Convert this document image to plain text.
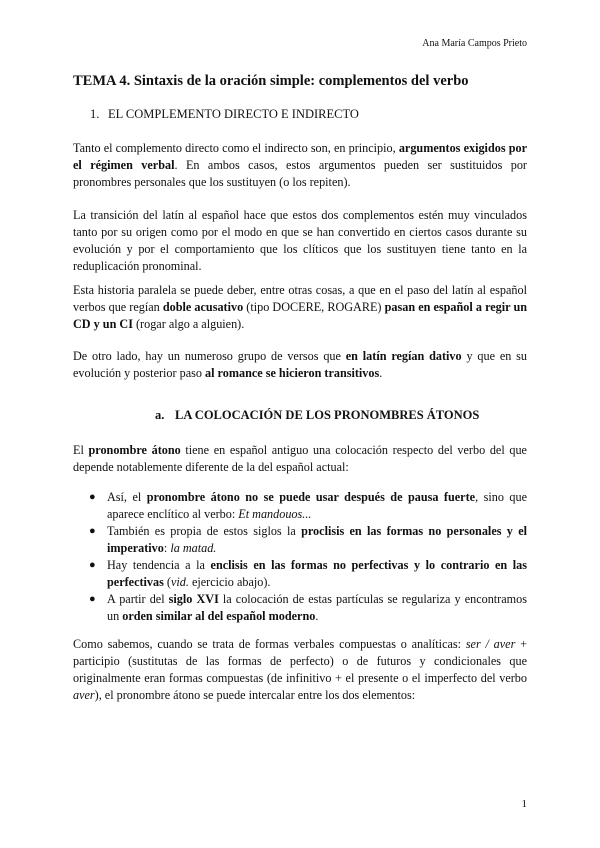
Ana María Campos Prieto
TEMA 4. Sintaxis de la oración simple: complementos del verbo
1. EL COMPLEMENTO DIRECTO E INDIRECTO

Tanto el complemento directo como el indirecto son, en principio, argumentos exigidos por el régimen verbal. En ambos casos, estos argumentos pueden ser sustituidos por pronombres personales que los sustituyen (o los repiten).

La transición del latín al español hace que estos dos complementos estén muy vinculados tanto por su origen como por el modo en que se han convertido en ciertos casos durante su evolución y por el comportamiento que los clíticos que los sustituyen tiene tanto en la reduplicación pronominal.

Esta historia paralela se puede deber, entre otras cosas, a que en el paso del latín al español verbos que regían doble acusativo (tipo DOCERE, ROGARE) pasan en español a regir un CD y un CI (rogar algo a alguien).

De otro lado, hay un numeroso grupo de versos que en latín regían dativo y que en su evolución y posterior paso al romance se hicieron transitivos.

a. LA COLOCACIÓN DE LOS PRONOMBRES ÁTONOS

El pronombre átono tiene en español antiguo una colocación respecto del verbo del que depende notablemente diferente de la del español actual:

● Así, el pronombre átono no se puede usar después de pausa fuerte, sino que aparece enclítico al verbo: Et mandouos...
● También es propia de estos siglos la proclisis en las formas no personales y el imperativo: la matad.
● Hay tendencia a la enclisis en las formas no perfectivas y lo contrario en las perfectivas (vid. ejercicio abajo).
● A partir del siglo XVI la colocación de estas partículas se regulariza y encontramos un orden similar al del español moderno.

Como sabemos, cuando se trata de formas verbales compuestas o analíticas: ser / aver + participio (sustitutas de las formas de perfecto) o de futuros y condicionales que originalmente eran formas compuestas (de infinitivo + el presente o el imperfecto del verbo aver), el pronombre átono se puede intercalar entre los dos elementos:

1
